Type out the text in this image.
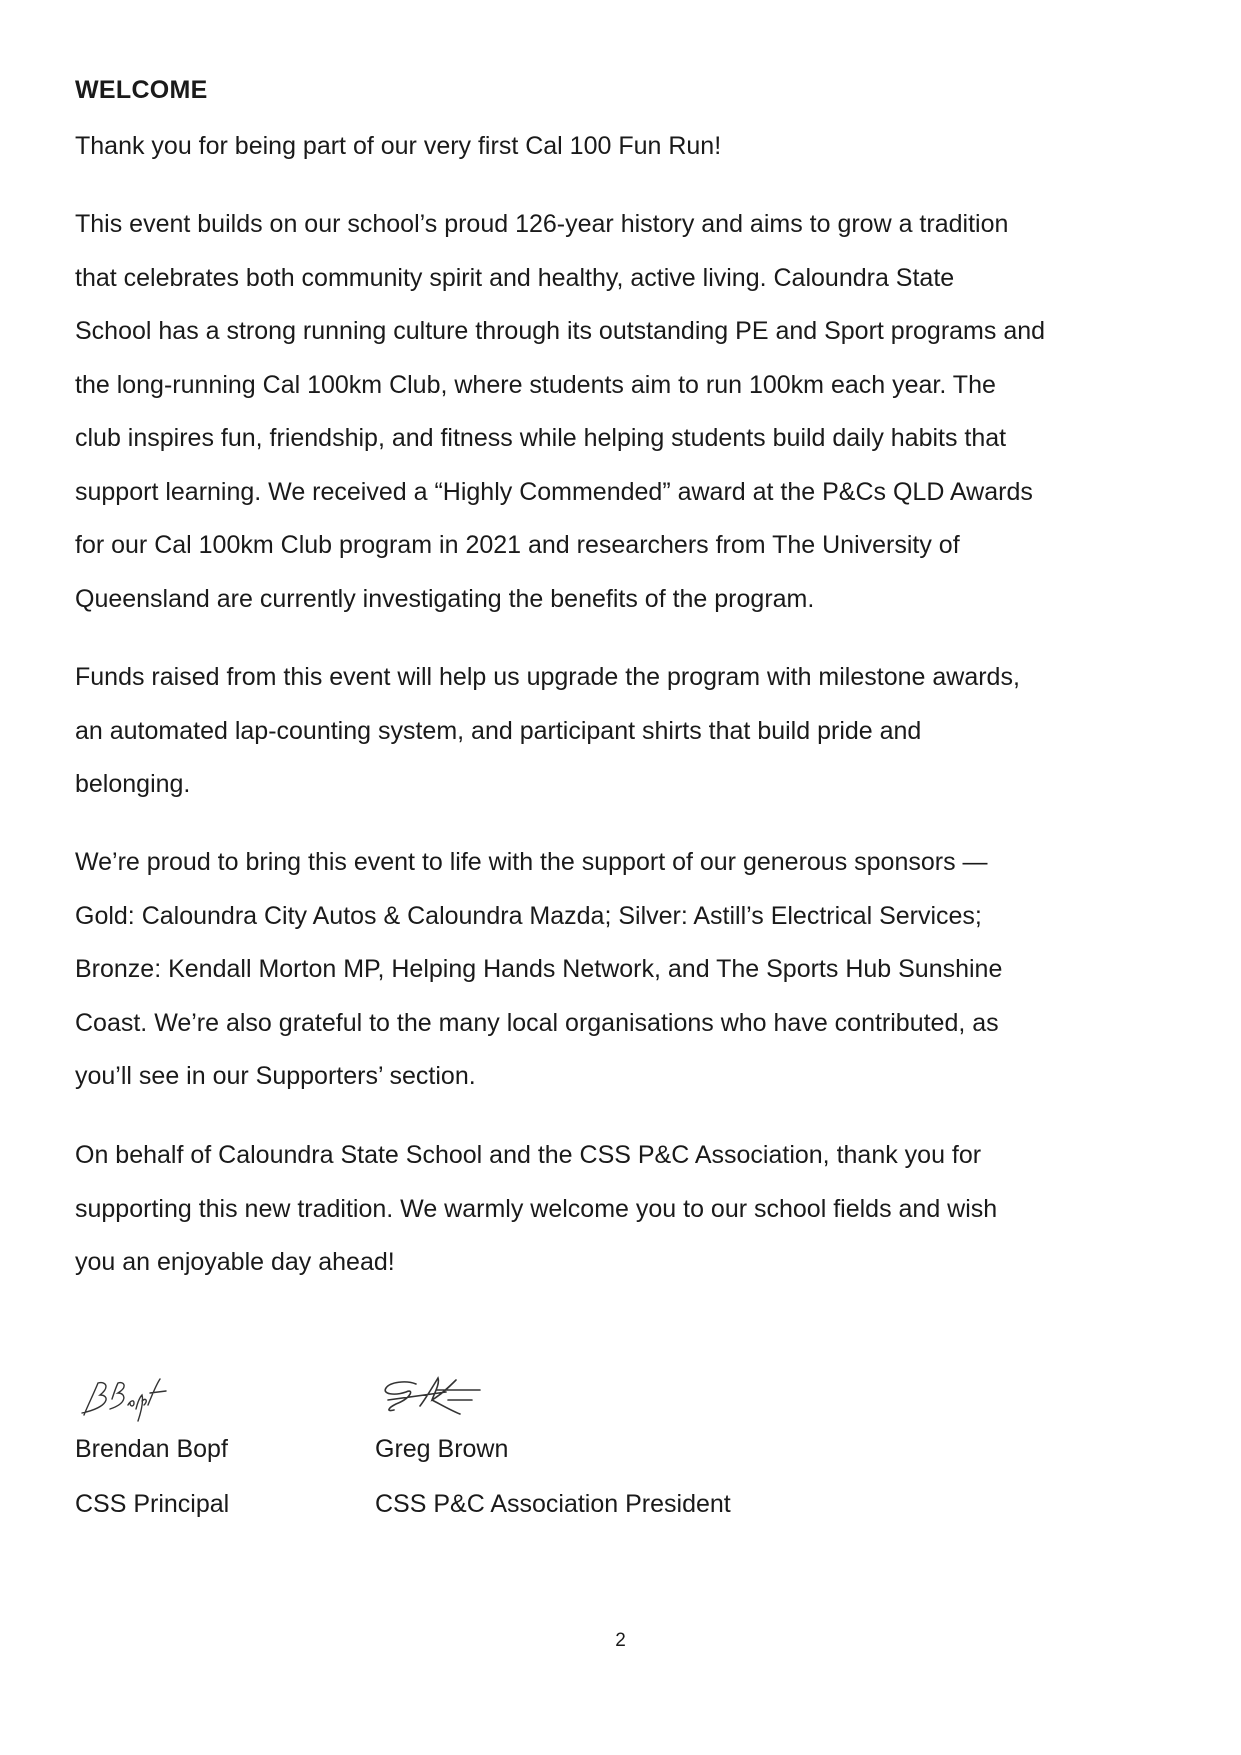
WELCOME

Thank you for being part of our very first Cal 100 Fun Run!

This event builds on our school’s proud 126-year history and aims to grow a tradition
that celebrates both community spirit and healthy, active living. Caloundra State
School has a strong running culture through its outstanding PE and Sport programs and
the long-running Cal 100km Club, where students aim to run 100km each year. The
club inspires fun, friendship, and fitness while helping students build daily habits that
support learning. We received a “Highly Commended” award at the P&Cs QLD Awards
for our Cal 100km Club program in 2021 and researchers from The University of
Queensland are currently investigating the benefits of the program.

Funds raised from this event will help us upgrade the program with milestone awards,
an automated lap-counting system, and participant shirts that build pride and
belonging.

We’re proud to bring this event to life with the support of our generous sponsors —
Gold: Caloundra City Autos & Caloundra Mazda; Silver: Astill’s Electrical Services;
Bronze: Kendall Morton MP, Helping Hands Network, and The Sports Hub Sunshine
Coast. We’re also grateful to the many local organisations who have contributed, as
you’ll see in our Supporters’ section.

On behalf of Caloundra State School and the CSS P&C Association, thank you for
supporting this new tradition. We warmly welcome you to our school fields and wish
you an enjoyable day ahead!

Brendan Bopf

CSS Principal

Greg Brown

CSS P&C Association President

2
